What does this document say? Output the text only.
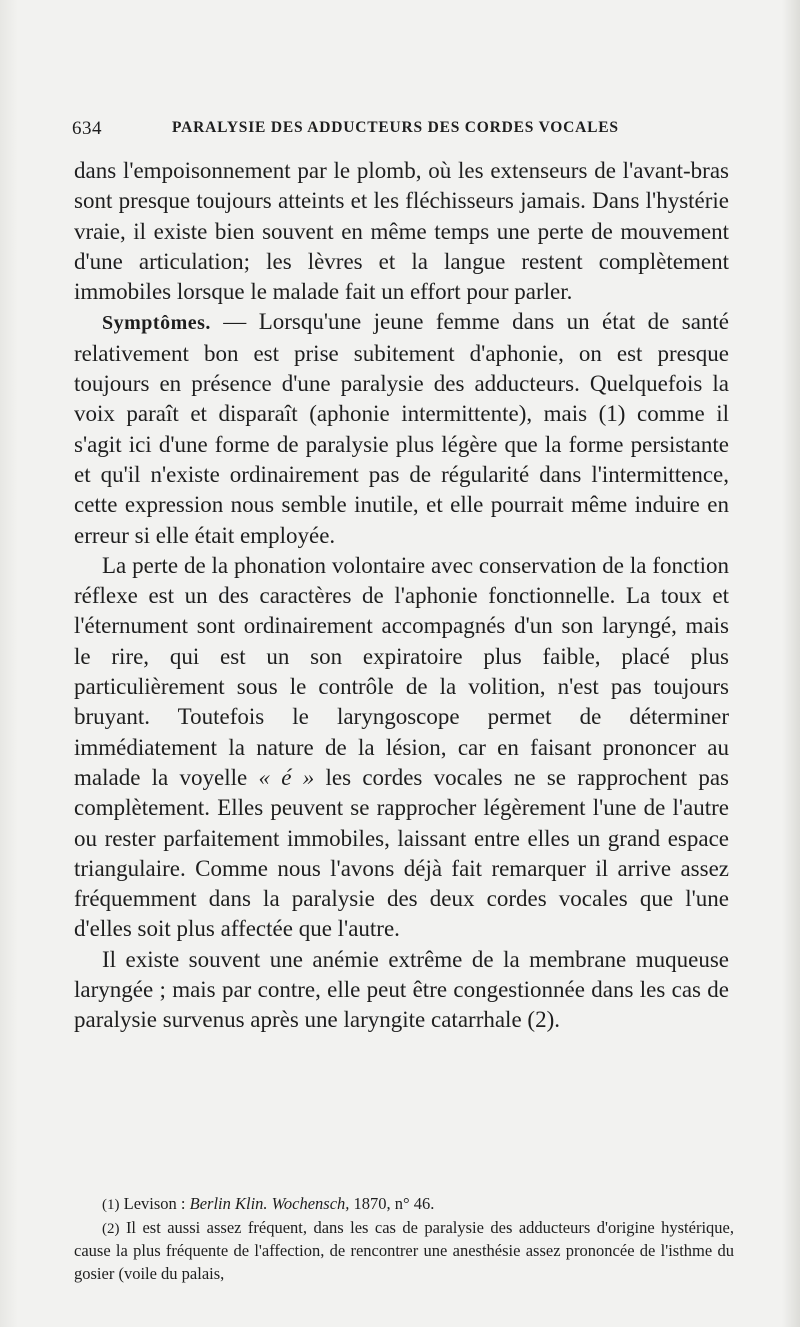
634	PARALYSIE DES ADDUCTEURS DES CORDES VOCALES

dans l'empoisonnement par le plomb, où les extenseurs de l'avant-bras sont presque toujours atteints et les fléchisseurs jamais. Dans l'hystérie vraie, il existe bien souvent en même temps une perte de mouvement d'une articulation; les lèvres et la langue restent complètement immobiles lorsque le malade fait un effort pour parler.

Symptômes. — Lorsqu'une jeune femme dans un état de santé relativement bon est prise subitement d'aphonie, on est presque toujours en présence d'une paralysie des adducteurs. Quelquefois la voix paraît et disparaît (aphonie intermittente), mais (1) comme il s'agit ici d'une forme de paralysie plus légère que la forme persistante et qu'il n'existe ordinairement pas de régularité dans l'intermittence, cette expression nous semble inutile, et elle pourrait même induire en erreur si elle était employée.

La perte de la phonation volontaire avec conservation de la fonction réflexe est un des caractères de l'aphonie fonctionnelle. La toux et l'éternument sont ordinairement accompagnés d'un son laryngé, mais le rire, qui est un son expiratoire plus faible, placé plus particulièrement sous le contrôle de la volition, n'est pas toujours bruyant. Toutefois le laryngoscope permet de déterminer immédiatement la nature de la lésion, car en faisant prononcer au malade la voyelle « é » les cordes vocales ne se rapprochent pas complètement. Elles peuvent se rapprocher légèrement l'une de l'autre ou rester parfaitement immobiles, laissant entre elles un grand espace triangulaire. Comme nous l'avons déjà fait remarquer il arrive assez fréquemment dans la paralysie des deux cordes vocales que l'une d'elles soit plus affectée que l'autre.

Il existe souvent une anémie extrême de la membrane muqueuse laryngée ; mais par contre, elle peut être congestionnée dans les cas de paralysie survenus après une laryngite catarrhale (2).

(1) Levison : Berlin Klin. Wochensch, 1870, n° 46.

(2) Il est aussi assez fréquent, dans les cas de paralysie des adducteurs d'origine hystérique, cause la plus fréquente de l'affection, de rencontrer une anesthésie assez prononcée de l'isthme du gosier (voile du palais,
